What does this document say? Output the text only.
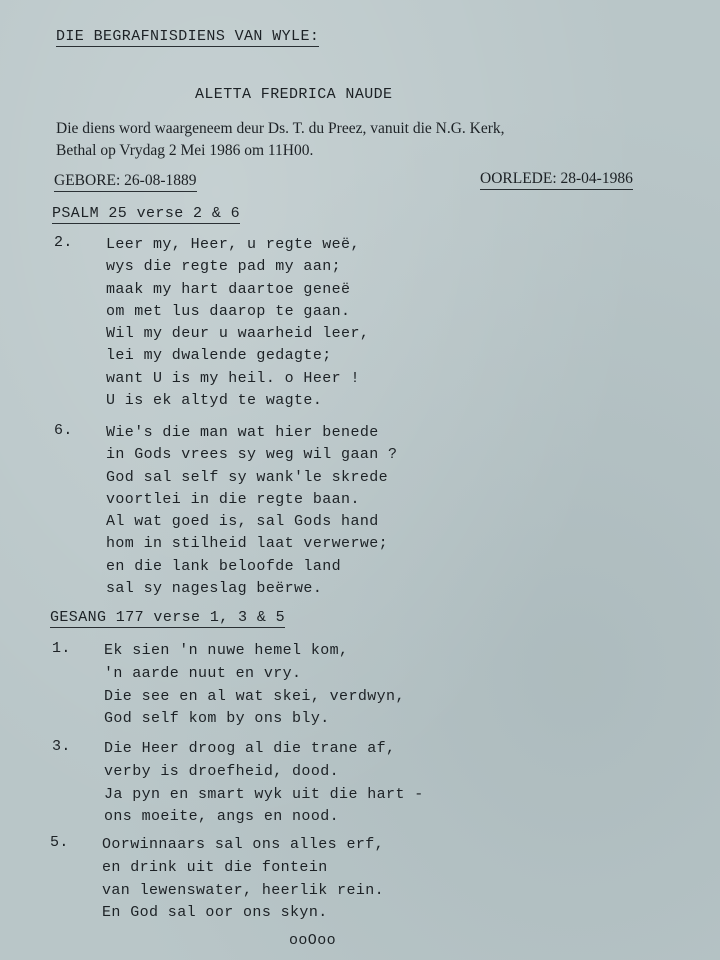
DIE BEGRAFNISDIENS VAN WYLE:
ALETTA FREDRICA NAUDE
Die diens word waargeneem deur Ds. T. du Preez, vanuit die N.G. Kerk,
Bethal op Vrydag 2 Mei 1986 om 11H00.
GEBORE: 26-08-1889	OORLEDE: 28-04-1986
PSALM 25 verse 2 & 6
2. Leer my, Heer, u regte weë,
wys die regte pad my aan;
maak my hart daartoe geneë
om met lus daarop te gaan.
Wil my deur u waarheid leer,
lei my dwalende gedagte;
want U is my heil. o Heer !
U is ek altyd te wagte.
6. Wie's die man wat hier benede
in Gods vrees sy weg wil gaan ?
God sal self sy wank'le skrede
voortlei in die regte baan.
Al wat goed is, sal Gods hand
hom in stilheid laat verwerwe;
en die lank beloofde land
sal sy nageslag beërwe.
GESANG 177 verse 1, 3 & 5
1. Ek sien 'n nuwe hemel kom,
'n aarde nuut en vry.
Die see en al wat skei, verdwyn,
God self kom by ons bly.
3. Die Heer droog al die trane af,
verby is droefheid, dood.
Ja pyn en smart wyk uit die hart -
ons moeite, angs en nood.
5. Oorwinnaars sal ons alles erf,
en drink uit die fontein
van lewenswater, heerlik rein.
En God sal oor ons skyn.
ooOoo
